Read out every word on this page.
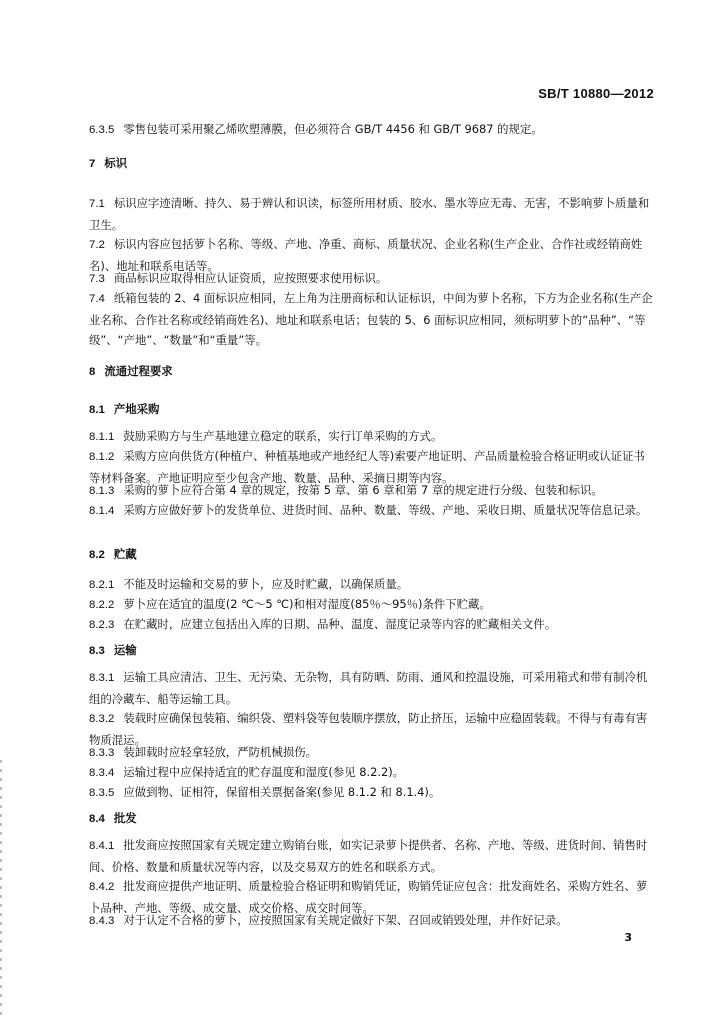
SB/T 10880—2012

6.3.5 零售包装可采用聚乙烯吹塑薄膜，但必须符合 GB/T 4456 和 GB/T 9687 的规定。

7 标识

7.1 标识应字迹清晰、持久、易于辨认和识读，标签所用材质、胶水、墨水等应无毒、无害，不影响萝卜质量和卫生。

7.2 标识内容应包括萝卜名称、等级、产地、净重、商标、质量状况、企业名称(生产企业、合作社或经销商姓名)、地址和联系电话等。

7.3 商品标识应取得相应认证资质，应按照要求使用标识。

7.4 纸箱包装的 2、4 面标识应相同，左上角为注册商标和认证标识，中间为萝卜名称，下方为企业名称(生产企业名称、合作社名称或经销商姓名)、地址和联系电话；包装的 5、6 面标识应相同，须标明萝卜的“品种”、“等级”、“产地”、“数量”和“重量”等。

8 流通过程要求

8.1 产地采购

8.1.1 鼓励采购方与生产基地建立稳定的联系，实行订单采购的方式。

8.1.2 采购方应向供货方(种植户、种植基地或产地经纪人等)索要产地证明、产品质量检验合格证明或认证证书等材料备案。产地证明应至少包含产地、数量、品种、采摘日期等内容。

8.1.3 采购的萝卜应符合第 4 章的规定，按第 5 章、第 6 章和第 7 章的规定进行分级、包装和标识。

8.1.4 采购方应做好萝卜的发货单位、进货时间、品种、数量、等级、产地、采收日期、质量状况等信息记录。

8.2 贮藏

8.2.1 不能及时运输和交易的萝卜，应及时贮藏，以确保质量。

8.2.2 萝卜应在适宜的温度(2 ℃～5 ℃)和相对湿度(85％～95％)条件下贮藏。

8.2.3 在贮藏时，应建立包括出入库的日期、品种、温度、湿度记录等内容的贮藏相关文件。

8.3 运输

8.3.1 运输工具应清洁、卫生、无污染、无杂物，具有防晒、防雨、通风和控温设施，可采用箱式和带有制冷机组的冷藏车、船等运输工具。

8.3.2 装载时应确保包装箱、编织袋、塑料袋等包装顺序摆放，防止挤压，运输中应稳固装载。不得与有毒有害物质混运。

8.3.3 装卸载时应轻拿轻放，严防机械损伤。

8.3.4 运输过程中应保持适宜的贮存温度和湿度(参见 8.2.2)。

8.3.5 应做到物、证相符，保留相关票据备案(参见 8.1.2 和 8.1.4)。

8.4 批发

8.4.1 批发商应按照国家有关规定建立购销台账，如实记录萝卜提供者、名称、产地、等级、进货时间、销售时间、价格、数量和质量状况等内容，以及交易双方的姓名和联系方式。

8.4.2 批发商应提供产地证明、质量检验合格证明和购销凭证，购销凭证应包含：批发商姓名、采购方姓名、萝卜品种、产地、等级、成交量、成交价格、成交时间等。

8.4.3 对于认定不合格的萝卜，应按照国家有关规定做好下架、召回或销毁处理，并作好记录。

3
